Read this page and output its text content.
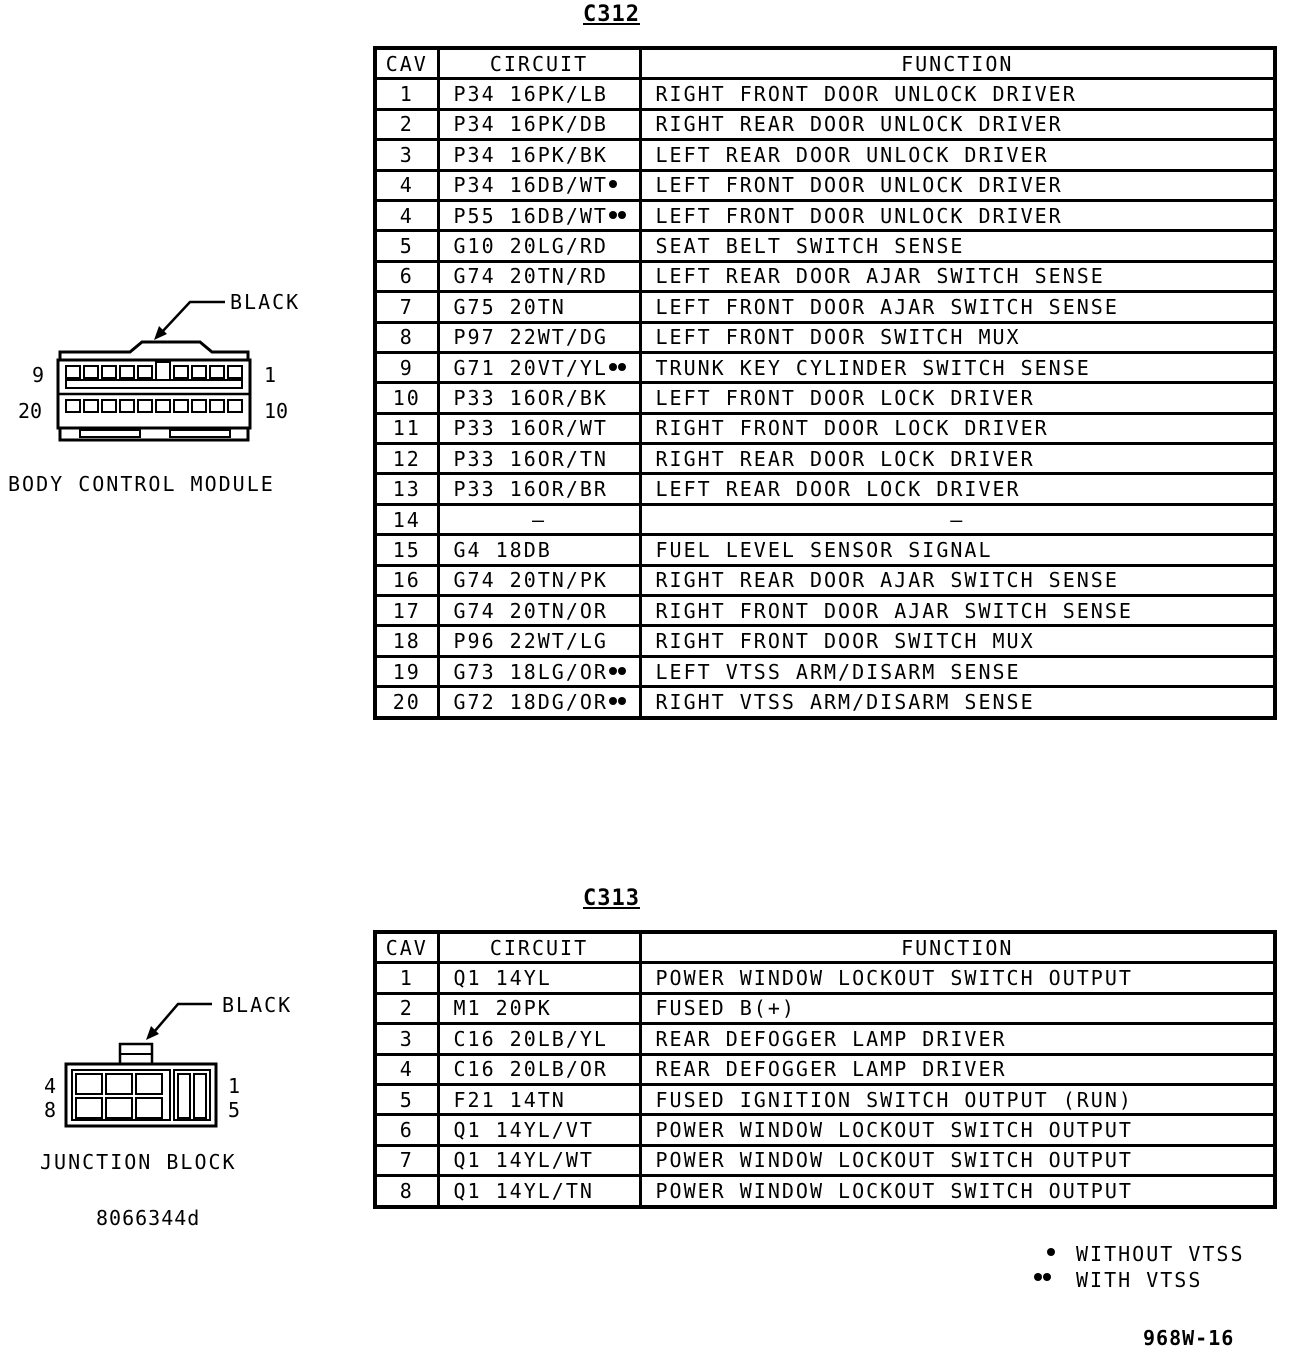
C312
CAV	CIRCUIT	FUNCTION
1	P34 16PK/LB	RIGHT FRONT DOOR UNLOCK DRIVER
2	P34 16PK/DB	RIGHT REAR DOOR UNLOCK DRIVER
3	P34 16PK/BK	LEFT REAR DOOR UNLOCK DRIVER
4	P34 16DB/WT	LEFT FRONT DOOR UNLOCK DRIVER
4	P55 16DB/WT	LEFT FRONT DOOR UNLOCK DRIVER
5	G10 20LG/RD	SEAT BELT SWITCH SENSE
6	G74 20TN/RD	LEFT REAR DOOR AJAR SWITCH SENSE
7	G75 20TN	LEFT FRONT DOOR AJAR SWITCH SENSE
8	P97 22WT/DG	LEFT FRONT DOOR SWITCH MUX
9	G71 20VT/YL	TRUNK KEY CYLINDER SWITCH SENSE
10	P33 16OR/BK	LEFT FRONT DOOR LOCK DRIVER
11	P33 16OR/WT	RIGHT FRONT DOOR LOCK DRIVER
12	P33 16OR/TN	RIGHT REAR DOOR LOCK DRIVER
13	P33 16OR/BR	LEFT REAR DOOR LOCK DRIVER
14	–	–
15	G4 18DB	FUEL LEVEL SENSOR SIGNAL
16	G74 20TN/PK	RIGHT REAR DOOR AJAR SWITCH SENSE
17	G74 20TN/OR	RIGHT FRONT DOOR AJAR SWITCH SENSE
18	P96 22WT/LG	RIGHT FRONT DOOR SWITCH MUX
19	G73 18LG/OR	LEFT VTSS ARM/DISARM SENSE
20	G72 18DG/OR	RIGHT VTSS ARM/DISARM SENSE
C313
CAV	CIRCUIT	FUNCTION
1	Q1 14YL	POWER WINDOW LOCKOUT SWITCH OUTPUT
2	M1 20PK	FUSED B(+)
3	C16 20LB/YL	REAR DEFOGGER LAMP DRIVER
4	C16 20LB/OR	REAR DEFOGGER LAMP DRIVER
5	F21 14TN	FUSED IGNITION SWITCH OUTPUT (RUN)
6	Q1 14YL/VT	POWER WINDOW LOCKOUT SWITCH OUTPUT
7	Q1 14YL/WT	POWER WINDOW LOCKOUT SWITCH OUTPUT
8	Q1 14YL/TN	POWER WINDOW LOCKOUT SWITCH OUTPUT
BLACK
9	1
20	10
BODY CONTROL MODULE
BLACK
4	1
8	5
JUNCTION BLOCK
8066344d
WITHOUT VTSS
WITH VTSS
968W-16
